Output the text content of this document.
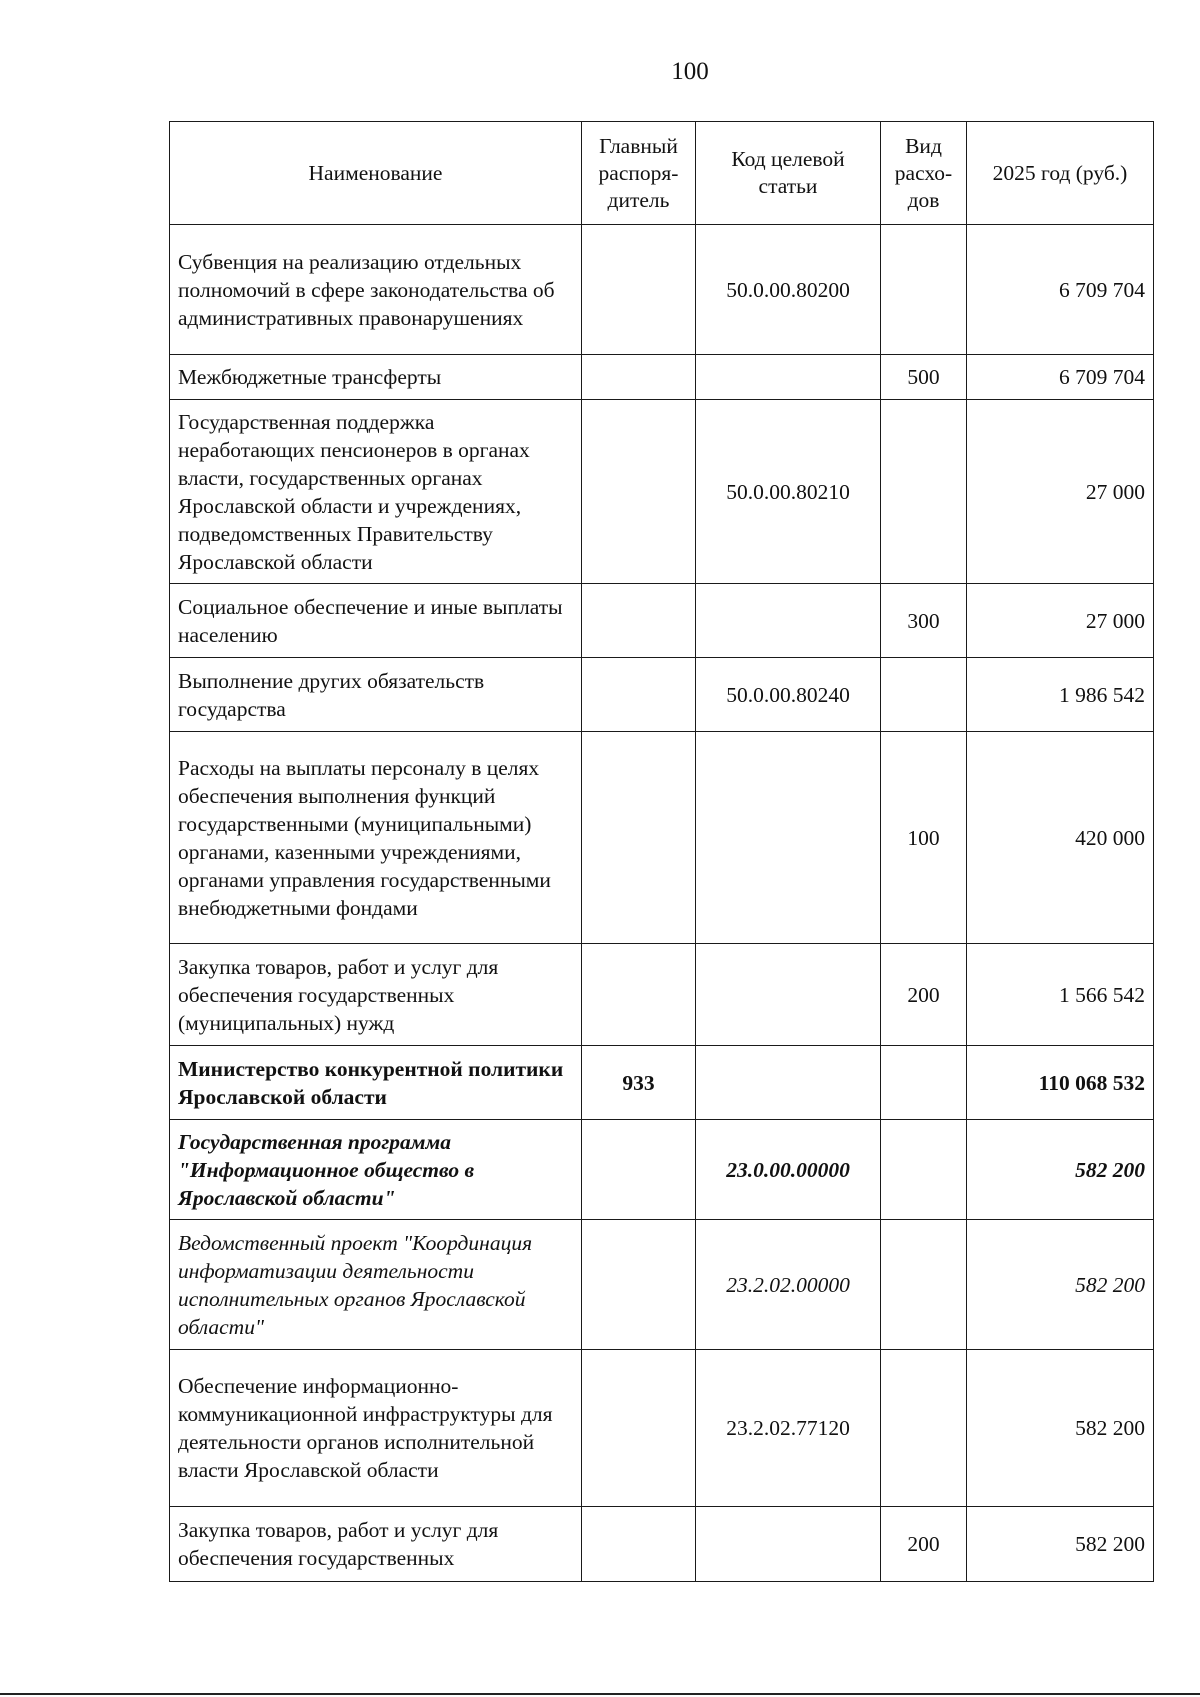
100
Наименование	Главный распоря-дитель	Код целевой статьи	Вид расхо-дов	2025 год (руб.)
Субвенция на реализацию отдельных полномочий в сфере законодательства об административных правонарушениях		50.0.00.80200		6 709 704
Межбюджетные трансферты			500	6 709 704
Государственная поддержка неработающих пенсионеров в органах власти, государственных органах Ярославской области и учреждениях, подведомственных Правительству Ярославской области		50.0.00.80210		27 000
Социальное обеспечение и иные выплаты населению			300	27 000
Выполнение других обязательств государства		50.0.00.80240		1 986 542
Расходы на выплаты персоналу в целях обеспечения выполнения функций государственными (муниципальными) органами, казенными учреждениями, органами управления государственными внебюджетными фондами			100	420 000
Закупка товаров, работ и услуг для обеспечения государственных (муниципальных) нужд			200	1 566 542
Министерство конкурентной политики Ярославской области	933			110 068 532
Государственная программа "Информационное общество в Ярославской области"		23.0.00.00000		582 200
Ведомственный проект "Координация информатизации деятельности исполнительных органов Ярославской области"		23.2.02.00000		582 200
Обеспечение информационно-коммуникационной инфраструктуры для деятельности органов исполнительной власти Ярославской области		23.2.02.77120		582 200
Закупка товаров, работ и услуг для обеспечения государственных			200	582 200
